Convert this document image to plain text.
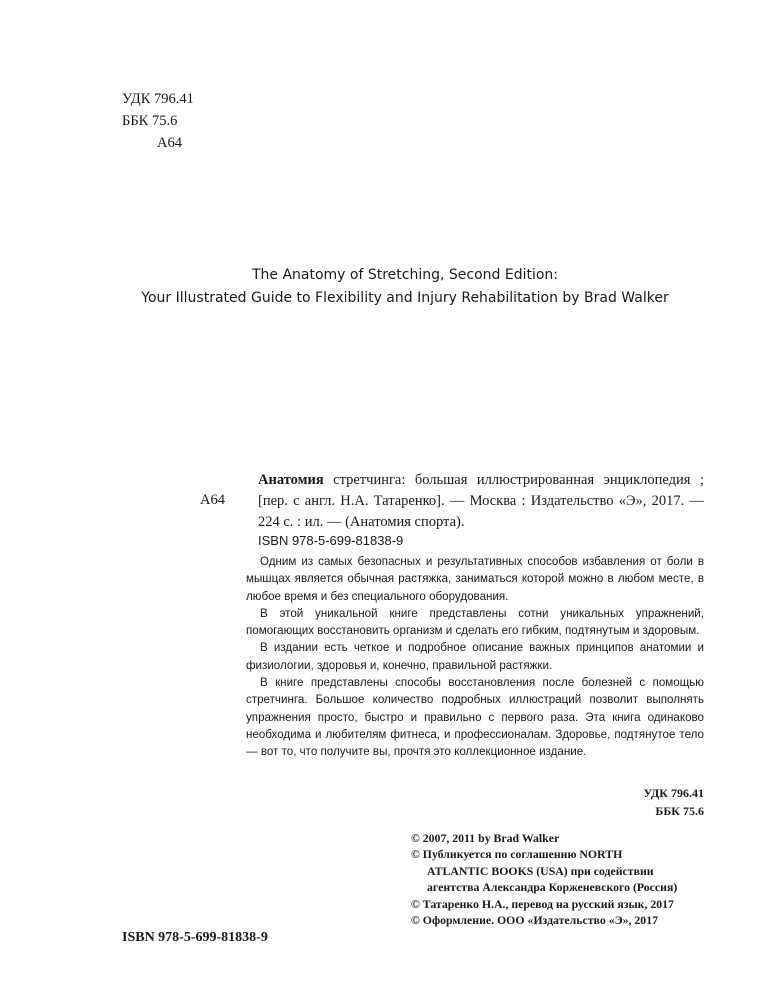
УДК 796.41
ББК 75.6
А64
The Anatomy of Stretching, Second Edition:
Your Illustrated Guide to Flexibility and Injury Rehabilitation by Brad Walker
А64
Анатомия стретчинга: большая иллюстрированная энциклопедия ; [пер. с англ. Н.А. Татаренко]. — Москва : Издательство «Э», 2017. — 224 с. : ил. — (Анатомия спорта).
ISBN 978-5-699-81838-9

Одним из самых безопасных и результативных способов избавления от боли в мышцах является обычная растяжка, заниматься которой можно в любом месте, в любое время и без специального оборудования.

В этой уникальной книге представлены сотни уникальных упражнений, помогающих восстановить организм и сделать его гибким, подтянутым и здоровым.

В издании есть четкое и подробное описание важных принципов анатомии и физиологии, здоровья и, конечно, правильной растяжки.

В книге представлены способы восстановления после болезней с помощью стретчинга. Большое количество подробных иллюстраций позволит выполнять упражнения просто, быстро и правильно с первого раза. Эта книга одинаково необходима и любителям фитнеса, и профессионалам. Здоровье, подтянутое тело — вот то, что получите вы, прочтя это коллекционное издание.

УДК 796.41
ББК 75.6
ISBN 978-5-699-81838-9
© 2007, 2011 by Brad Walker
© Публикуется по соглашению NORTH
ATLANTIC BOOKS (USA) при содействии
агентства Александра Корженевского (Россия)
© Татаренко Н.А., перевод на русский язык, 2017
© Оформление. ООО «Издательство «Э», 2017
